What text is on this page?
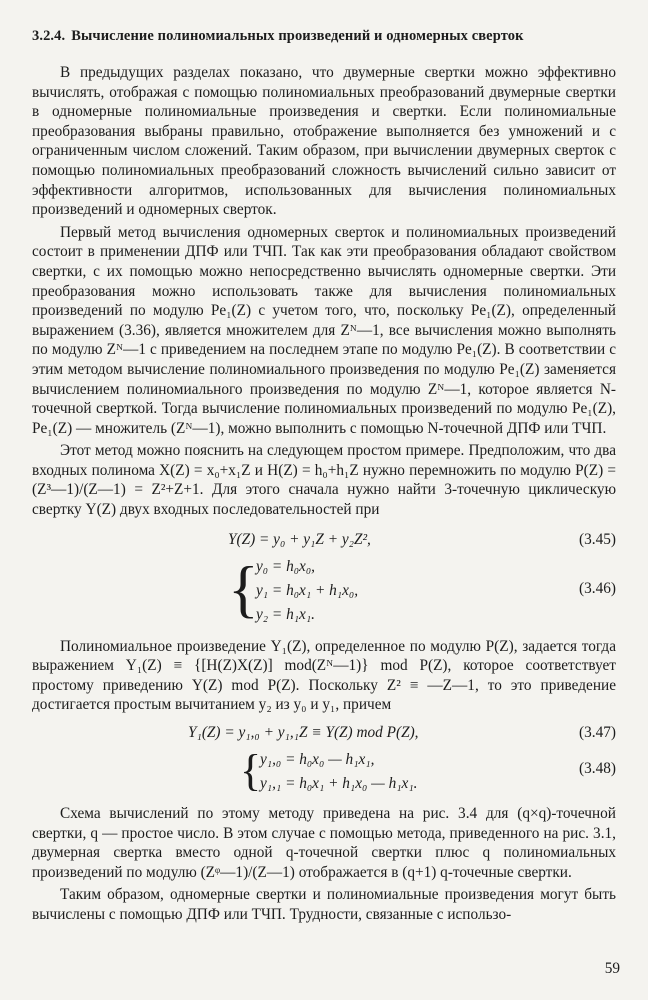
3.2.4. Вычисление полиномиальных произведений и одномерных сверток

В предыдущих разделах показано, что двумерные свертки можно эффективно вычислять, отображая с помощью полиномиальных преобразований двумерные свертки в одномерные полиномиальные произведения и свертки. Если полиномиальные преобразования выбраны правильно, отображение выполняется без умножений и с ограниченным числом сложений. Таким образом, при вычислении двумерных сверток с помощью полиномиальных преобразований сложность вычислений сильно зависит от эффективности алгоритмов, использованных для вычисления полиномиальных произведений и одномерных сверток.

Первый метод вычисления одномерных сверток и полиномиальных произведений состоит в применении ДПФ или ТЧП. Так как эти преобразования обладают свойством свертки, с их помощью можно непосредственно вычислять одномерные свертки. Эти преобразования можно использовать также для вычисления полиномиальных произведений по модулю Pe₁(Z) с учетом того, что, поскольку Pe₁(Z), определенный выражением (3.36), является множителем для Zᴺ—1, все вычисления можно выполнять по модулю Zᴺ—1 с приведением на последнем этапе по модулю Pe₁(Z). В соответствии с этим методом вычисление полиномиального произведения по модулю Pe₁(Z) заменяется вычислением полиномиального произведения по модулю Zᴺ—1, которое является N-точечной сверткой. Тогда вычисление полиномиальных произведений по модулю Pe₁(Z), Pe₁(Z) — множитель (Zᴺ—1), можно выполнить с помощью N-точечной ДПФ или ТЧП.

Этот метод можно пояснить на следующем простом примере. Предположим, что два входных полинома X(Z) = x₀+x₁Z и H(Z) = h₀+h₁Z нужно перемножить по модулю P(Z) = (Z³—1)/(Z—1) = Z²+Z+1. Для этого сначала нужно найти 3-точечную циклическую свертку Y(Z) двух входных последовательностей при

Y(Z) = y₀ + y₁Z + y₂Z²,	(3.45)
{
y₀ = h₀x₀,
y₁ = h₀x₁ + h₁x₀,
y₂ = h₁x₁.
(3.46)

Полиномиальное произведение Y₁(Z), определенное по модулю P(Z), задается тогда выражением Y₁(Z) ≡ {[H(Z)X(Z)] mod(Zᴺ—1)} mod P(Z), которое соответствует простому приведению Y(Z) mod P(Z). Поскольку Z² ≡ —Z—1, то это приведение достигается простым вычитанием y₂ из y₀ и y₁, причем

Y₁(Z) = y₁,₀ + y₁,₁Z ≡ Y(Z) mod P(Z),	(3.47)
{
y₁,₀ = h₀x₀ — h₁x₁,
y₁,₁ = h₀x₁ + h₁x₀ — h₁x₁.
(3.48)

Схема вычислений по этому методу приведена на рис. 3.4 для (q×q)-точечной свертки, q — простое число. В этом случае с помощью метода, приведенного на рис. 3.1, двумерная свертка вместо одной q-точечной свертки плюс q полиномиальных произведений по модулю (Zᵠ—1)/(Z—1) отображается в (q+1) q-точечные свертки.

Таким образом, одномерные свертки и полиномиальные произведения могут быть вычислены с помощью ДПФ или ТЧП. Трудности, связанные с использо-

59
